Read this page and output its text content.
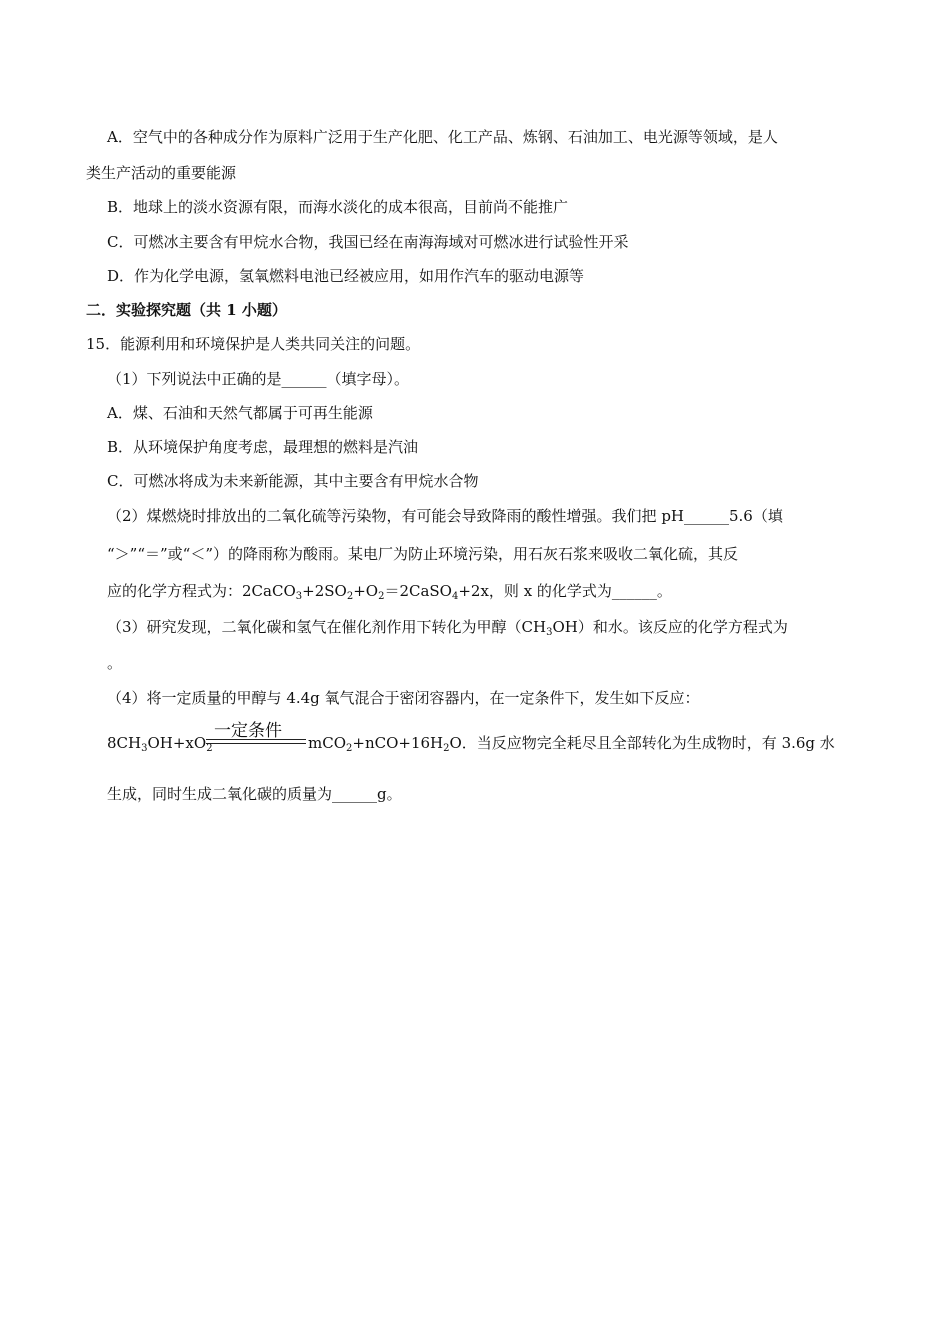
A．空气中的各种成分作为原料广泛用于生产化肥、化工产品、炼钢、石油加工、电光源等领域，是人
类生产活动的重要能源
B．地球上的淡水资源有限，而海水淡化的成本很高，目前尚不能推广
C．可燃冰主要含有甲烷水合物，我国已经在南海海域对可燃冰进行试验性开采
D．作为化学电源，氢氧燃料电池已经被应用，如用作汽车的驱动电源等
二．实验探究题（共 1 小题）
15．能源利用和环境保护是人类共同关注的问题。
（1）下列说法中正确的是______（填字母）。
A．煤、石油和天然气都属于可再生能源
B．从环境保护角度考虑，最理想的燃料是汽油
C．可燃冰将成为未来新能源，其中主要含有甲烷水合物
（2）煤燃烧时排放出的二氧化硫等污染物，有可能会导致降雨的酸性增强。我们把 pH______5.6（填
“＞”“＝”或“＜”）的降雨称为酸雨。某电厂为防止环境污染，用石灰石浆来吸收二氧化硫，其反
应的化学方程式为：$2CaCO_3+2SO_2+O_2=2CaSO_4+2x$，则 x 的化学式为______。
（3）研究发现，二氧化碳和氢气在催化剂作用下转化为甲醇$(CH_3OH)$和水。该反应的化学方程式为
。
（4）将一定质量的甲醇与 4.4g 氧气混合于密闭容器内，在一定条件下，发生如下反应：
一定条件
$8CH_3OH+xO_2$	$mCO_2+nCO+16H_2O$．当反应物完全耗尽且全部转化为生成物时，有 3.6g 水
生成，同时生成二氧化碳的质量为______g。
